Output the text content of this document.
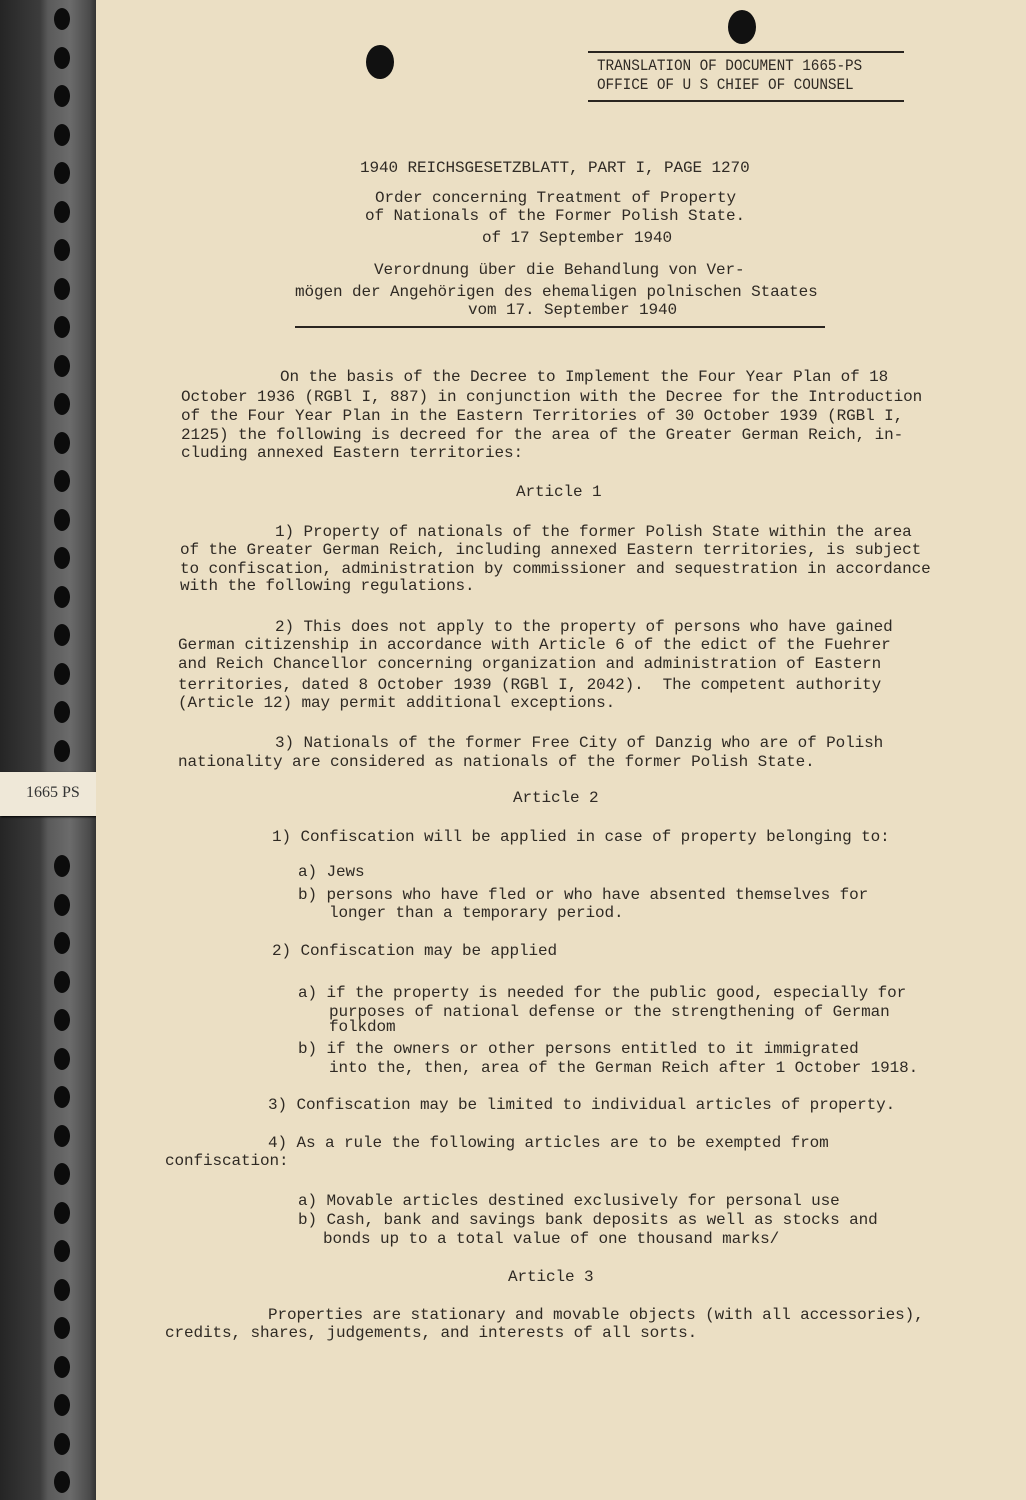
1665 PS
TRANSLATION OF DOCUMENT 1665-PS
OFFICE OF U S CHIEF OF COUNSEL
1940 REICHSGESETZBLATT, PART I, PAGE 1270
Order concerning Treatment of Property
of Nationals of the Former Polish State.
of 17 September 1940
Verordnung über die Behandlung von Ver-
mögen der Angehörigen des ehemaligen polnischen Staates
vom 17. September 1940
On the basis of the Decree to Implement the Four Year Plan of 18
October 1936 (RGBl I, 887) in conjunction with the Decree for the Introduction
of the Four Year Plan in the Eastern Territories of 30 October 1939 (RGBl I,
2125) the following is decreed for the area of the Greater German Reich, in-
cluding annexed Eastern territories:
Article 1
1) Property of nationals of the former Polish State within the area
of the Greater German Reich, including annexed Eastern territories, is subject
to confiscation, administration by commissioner and sequestration in accordance
with the following regulations.
2) This does not apply to the property of persons who have gained
German citizenship in accordance with Article 6 of the edict of the Fuehrer
and Reich Chancellor concerning organization and administration of Eastern
territories, dated 8 October 1939 (RGBl I, 2042).  The competent authority
(Article 12) may permit additional exceptions.
3) Nationals of the former Free City of Danzig who are of Polish
nationality are considered as nationals of the former Polish State.
Article 2
1) Confiscation will be applied in case of property belonging to:
a) Jews
b) persons who have fled or who have absented themselves for
longer than a temporary period.
2) Confiscation may be applied
a) if the property is needed for the public good, especially for
purposes of national defense or the strengthening of German
folkdom
b) if the owners or other persons entitled to it immigrated
into the, then, area of the German Reich after 1 October 1918.
3) Confiscation may be limited to individual articles of property.
4) As a rule the following articles are to be exempted from
confiscation:
a) Movable articles destined exclusively for personal use
b) Cash, bank and savings bank deposits as well as stocks and
bonds up to a total value of one thousand marks/
Article 3
Properties are stationary and movable objects (with all accessories),
credits, shares, judgements, and interests of all sorts.
